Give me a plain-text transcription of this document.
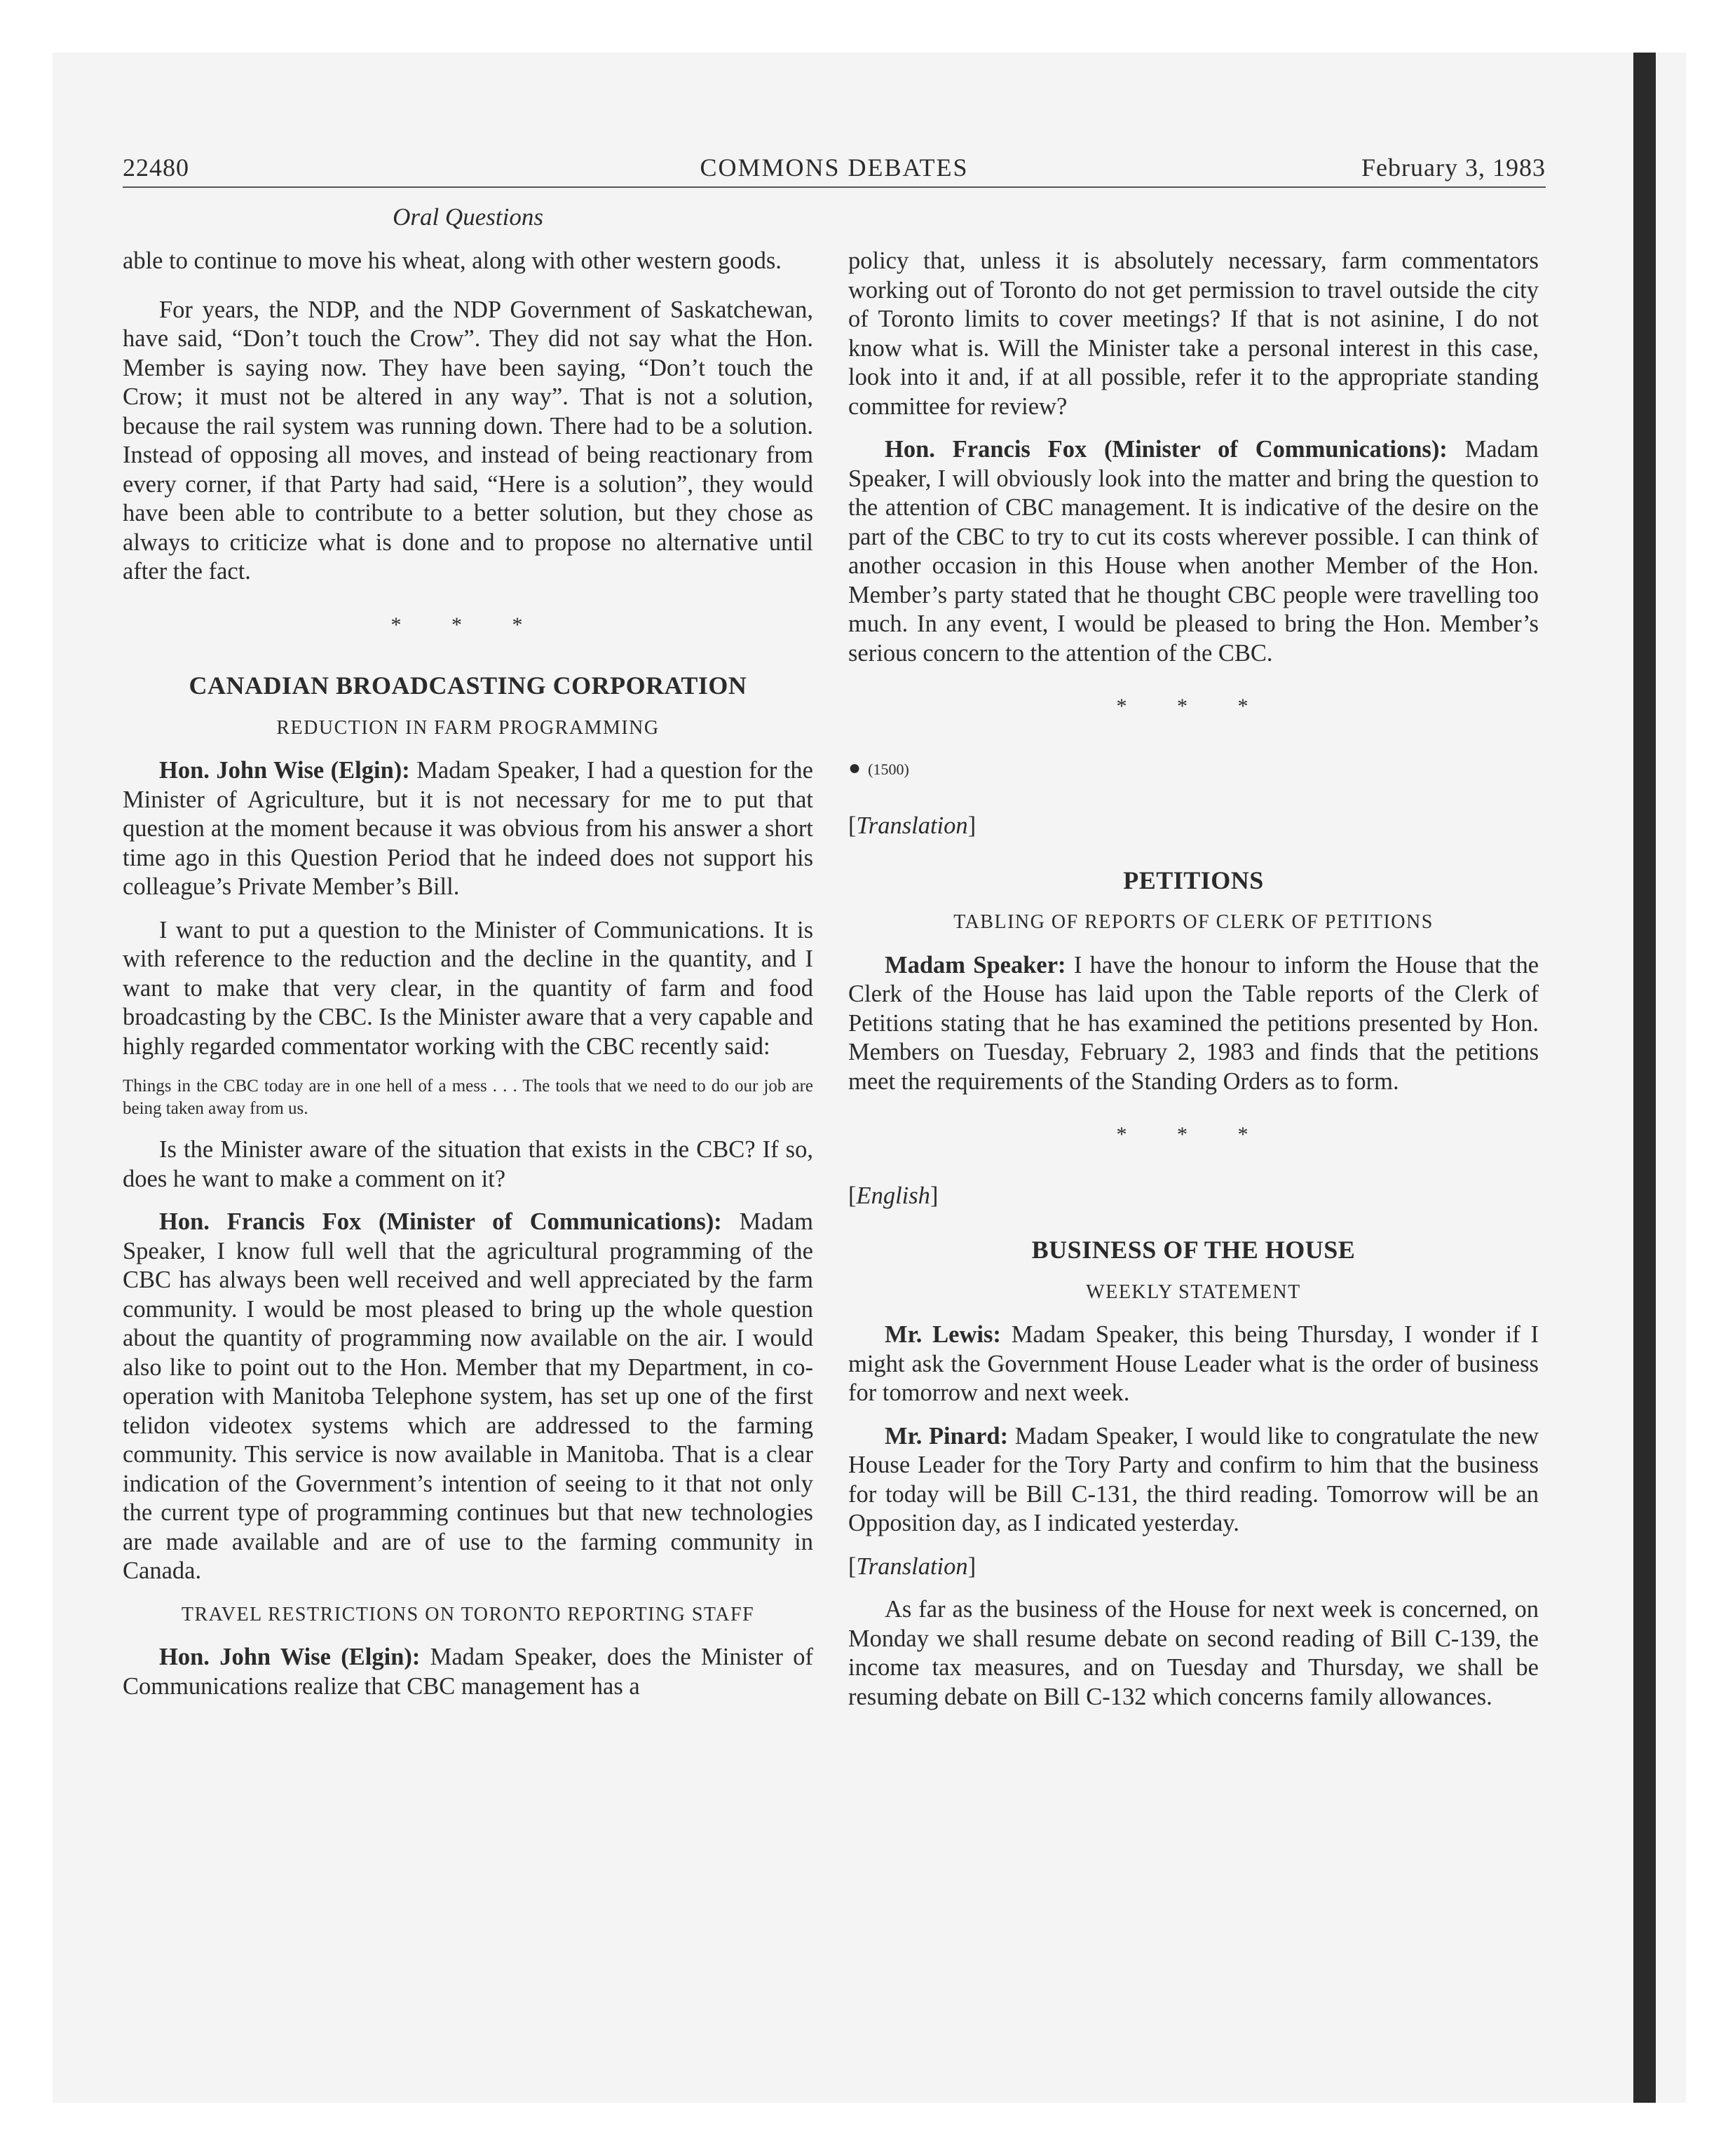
22480	COMMONS DEBATES	February 3, 1983
Oral Questions

able to continue to move his wheat, along with other western goods.

For years, the NDP, and the NDP Government of Saskatchewan, have said, “Don’t touch the Crow”. They did not say what the Hon. Member is saying now. They have been saying, “Don’t touch the Crow; it must not be altered in any way”. That is not a solution, because the rail system was running down. There had to be a solution. Instead of opposing all moves, and instead of being reactionary from every corner, if that Party had said, “Here is a solution”, they would have been able to contribute to a better solution, but they chose as always to criticize what is done and to propose no alternative until after the fact.

* * *
CANADIAN BROADCASTING CORPORATION
REDUCTION IN FARM PROGRAMMING

Hon. John Wise (Elgin): Madam Speaker, I had a question for the Minister of Agriculture, but it is not necessary for me to put that question at the moment because it was obvious from his answer a short time ago in this Question Period that he indeed does not support his colleague’s Private Member’s Bill.

I want to put a question to the Minister of Communications. It is with reference to the reduction and the decline in the quantity, and I want to make that very clear, in the quantity of farm and food broadcasting by the CBC. Is the Minister aware that a very capable and highly regarded commentator working with the CBC recently said:

Things in the CBC today are in one hell of a mess . . . The tools that we need to do our job are being taken away from us.

Is the Minister aware of the situation that exists in the CBC? If so, does he want to make a comment on it?

Hon. Francis Fox (Minister of Communications): Madam Speaker, I know full well that the agricultural programming of the CBC has always been well received and well appreciated by the farm community. I would be most pleased to bring up the whole question about the quantity of programming now available on the air. I would also like to point out to the Hon. Member that my Department, in co-operation with Manitoba Telephone system, has set up one of the first telidon videotex systems which are addressed to the farming community. This service is now available in Manitoba. That is a clear indication of the Government’s intention of seeing to it that not only the current type of programming continues but that new technologies are made available and are of use to the farming community in Canada.

TRAVEL RESTRICTIONS ON TORONTO REPORTING STAFF

Hon. John Wise (Elgin): Madam Speaker, does the Minister of Communications realize that CBC management has a

policy that, unless it is absolutely necessary, farm commentators working out of Toronto do not get permission to travel outside the city of Toronto limits to cover meetings? If that is not asinine, I do not know what is. Will the Minister take a personal interest in this case, look into it and, if at all possible, refer it to the appropriate standing committee for review?

Hon. Francis Fox (Minister of Communications): Madam Speaker, I will obviously look into the matter and bring the question to the attention of CBC management. It is indicative of the desire on the part of the CBC to try to cut its costs wherever possible. I can think of another occasion in this House when another Member of the Hon. Member’s party stated that he thought CBC people were travelling too much. In any event, I would be pleased to bring the Hon. Member’s serious concern to the attention of the CBC.

* * *
● (1500)
[Translation]
PETITIONS
TABLING OF REPORTS OF CLERK OF PETITIONS

Madam Speaker: I have the honour to inform the House that the Clerk of the House has laid upon the Table reports of the Clerk of Petitions stating that he has examined the petitions presented by Hon. Members on Tuesday, February 2, 1983 and finds that the petitions meet the requirements of the Standing Orders as to form.

* * *
[English]
BUSINESS OF THE HOUSE
WEEKLY STATEMENT

Mr. Lewis: Madam Speaker, this being Thursday, I wonder if I might ask the Government House Leader what is the order of business for tomorrow and next week.

Mr. Pinard: Madam Speaker, I would like to congratulate the new House Leader for the Tory Party and confirm to him that the business for today will be Bill C-131, the third reading. Tomorrow will be an Opposition day, as I indicated yesterday.

[Translation]

As far as the business of the House for next week is concerned, on Monday we shall resume debate on second reading of Bill C-139, the income tax measures, and on Tuesday and Thursday, we shall be resuming debate on Bill C-132 which concerns family allowances.
